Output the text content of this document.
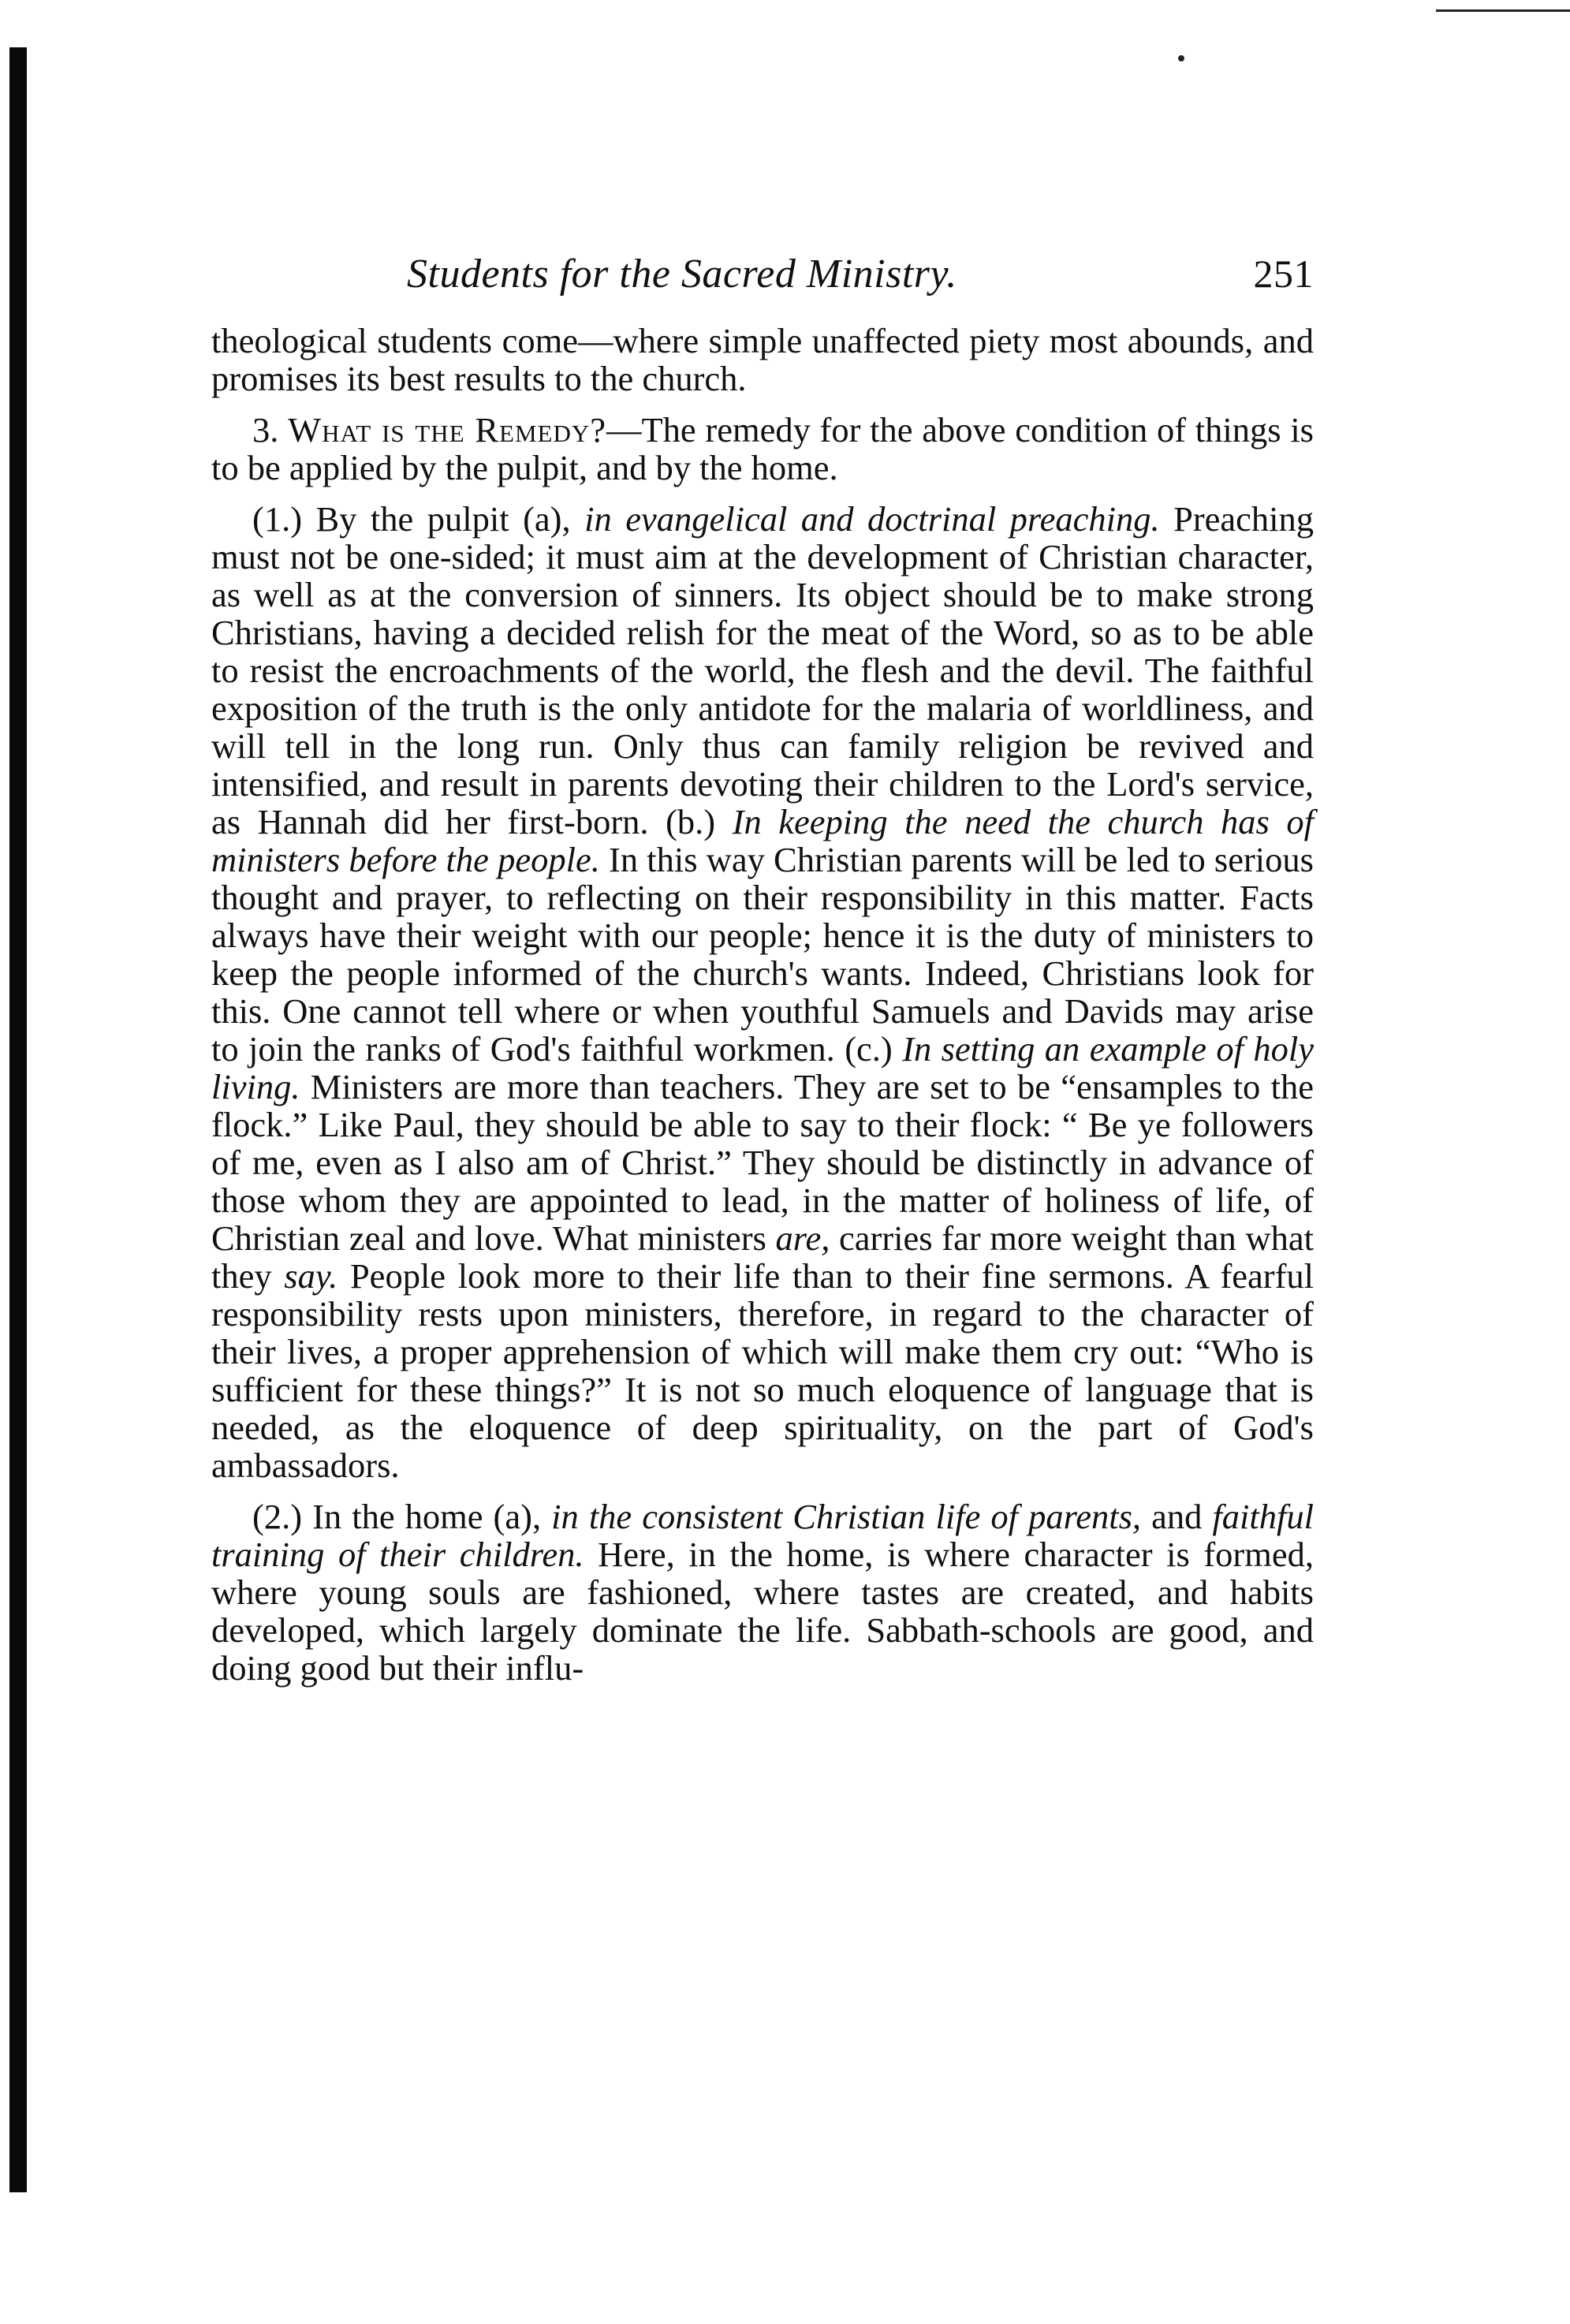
Students for the Sacred Ministry.	251

theological students come—where simple unaffected piety most abounds, and promises its best results to the church.

3. What is the Remedy?—The remedy for the above condition of things is to be applied by the pulpit, and by the home.

(1.) By the pulpit (a), in evangelical and doctrinal preaching. Preaching must not be one-sided; it must aim at the development of Christian character, as well as at the conversion of sinners. Its object should be to make strong Christians, having a decided relish for the meat of the Word, so as to be able to resist the encroachments of the world, the flesh and the devil. The faithful exposition of the truth is the only antidote for the malaria of worldliness, and will tell in the long run. Only thus can family religion be revived and intensified, and result in parents devoting their children to the Lord's service, as Hannah did her first-born. (b.) In keeping the need the church has of ministers before the people. In this way Christian parents will be led to serious thought and prayer, to reflecting on their responsibility in this matter. Facts always have their weight with our people; hence it is the duty of ministers to keep the people informed of the church's wants. Indeed, Christians look for this. One cannot tell where or when youthful Samuels and Davids may arise to join the ranks of God's faithful workmen. (c.) In setting an example of holy living. Ministers are more than teachers. They are set to be “ensamples to the flock.” Like Paul, they should be able to say to their flock: “ Be ye followers of me, even as I also am of Christ.” They should be distinctly in advance of those whom they are appointed to lead, in the matter of holiness of life, of Christian zeal and love. What ministers are, carries far more weight than what they say. People look more to their life than to their fine sermons. A fearful responsibility rests upon ministers, therefore, in regard to the character of their lives, a proper apprehension of which will make them cry out: “Who is sufficient for these things?” It is not so much eloquence of language that is needed, as the eloquence of deep spirituality, on the part of God's ambassadors.

(2.) In the home (a), in the consistent Christian life of parents, and faithful training of their children. Here, in the home, is where character is formed, where young souls are fashioned, where tastes are created, and habits developed, which largely dominate the life. Sabbath-schools are good, and doing good but their influ-
